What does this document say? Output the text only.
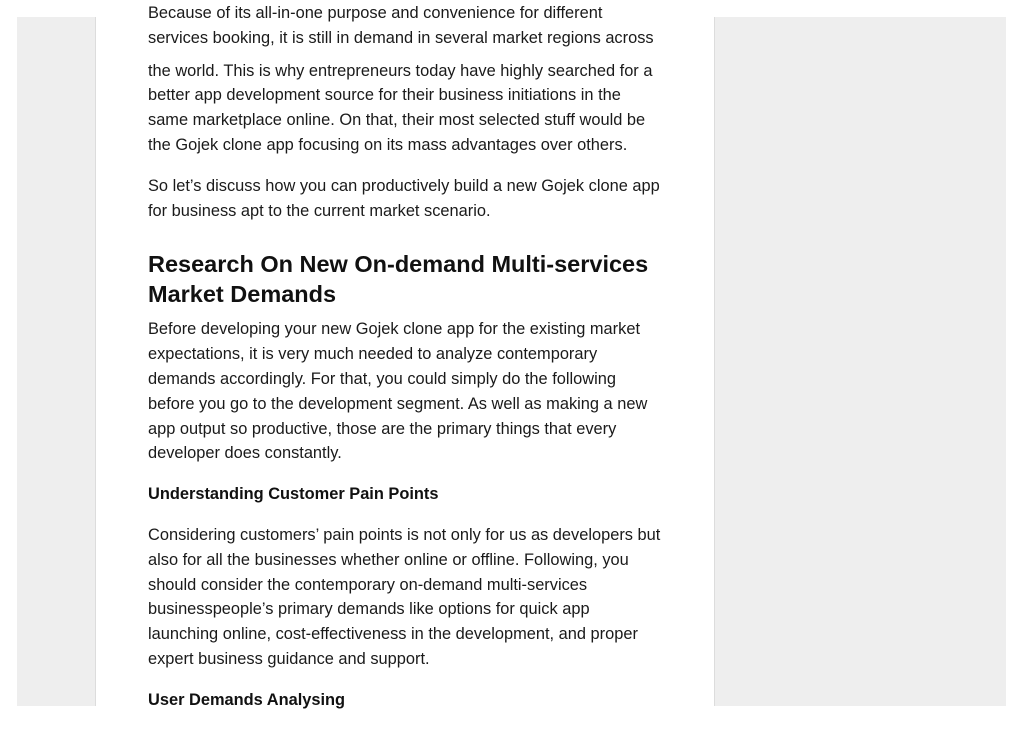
Because of its all-in-one purpose and convenience for different services booking, it is still in demand in several market regions across

the world. This is why entrepreneurs today have highly searched for a better app development source for their business initiations in the same marketplace online. On that, their most selected stuff would be the Gojek clone app focusing on its mass advantages over others.

So let’s discuss how you can productively build a new Gojek clone app for business apt to the current market scenario.

Research On New On-demand Multi-services Market Demands

Before developing your new Gojek clone app for the existing market expectations, it is very much needed to analyze contemporary demands accordingly. For that, you could simply do the following before you go to the development segment. As well as making a new app output so productive, those are the primary things that every developer does constantly.

Understanding Customer Pain Points

Considering customers’ pain points is not only for us as developers but also for all the businesses whether online or offline. Following, you should consider the contemporary on-demand multi-services businesspeople’s primary demands like options for quick app launching online, cost-effectiveness in the development, and proper expert business guidance and support.

User Demands Analysing
